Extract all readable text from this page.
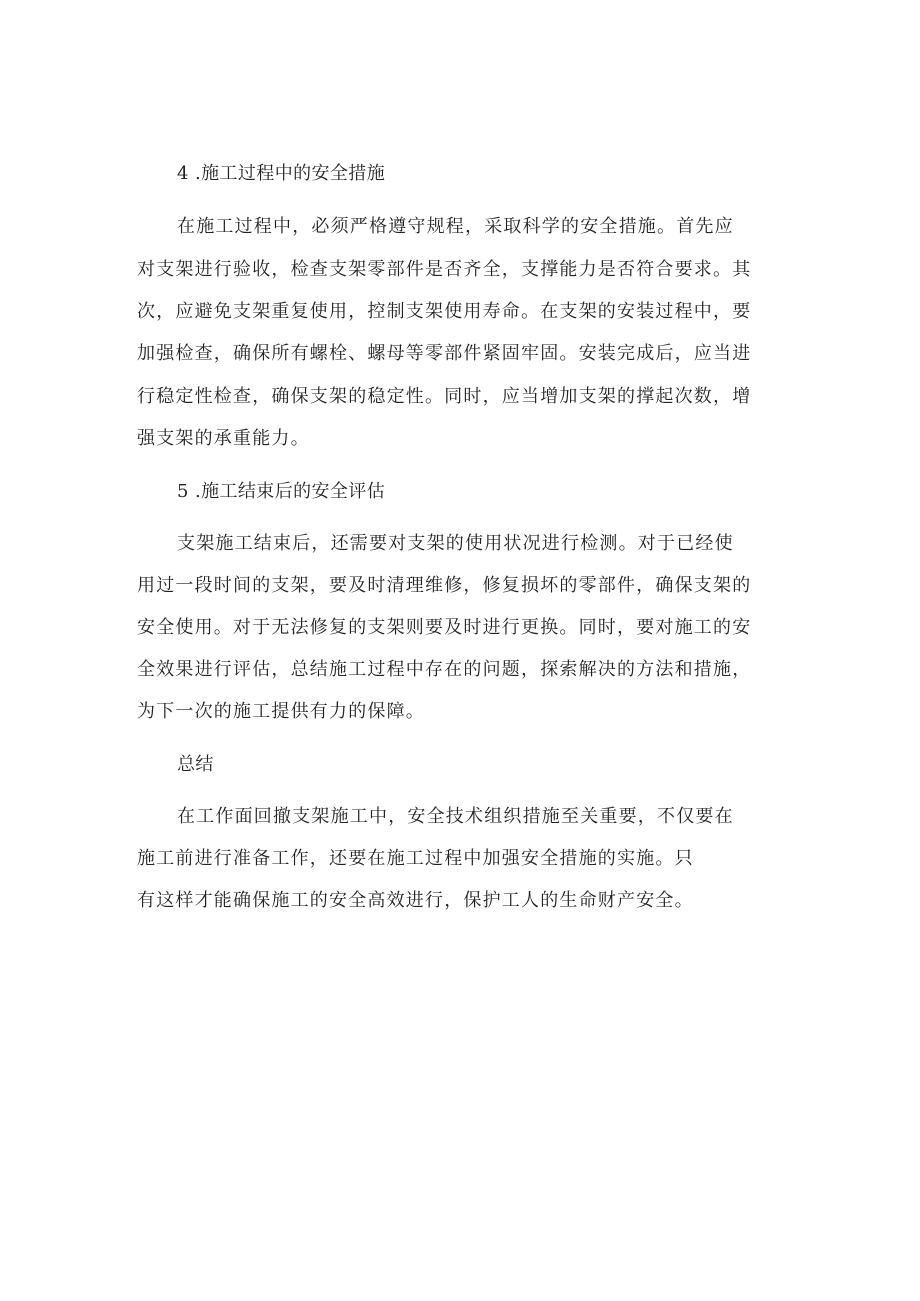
4 .施工过程中的安全措施
在施工过程中，必须严格遵守规程，采取科学的安全措施。首先应
对支架进行验收，检查支架零部件是否齐全，支撑能力是否符合要求。其
次，应避免支架重复使用，控制支架使用寿命。在支架的安装过程中，要
加强检查，确保所有螺栓、螺母等零部件紧固牢固。安装完成后，应当进
行稳定性检查，确保支架的稳定性。同时，应当增加支架的撑起次数，增
强支架的承重能力。
5 .施工结束后的安全评估
支架施工结束后，还需要对支架的使用状况进行检测。对于已经使
用过一段时间的支架，要及时清理维修，修复损坏的零部件，确保支架的
安全使用。对于无法修复的支架则要及时进行更换。同时，要对施工的安
全效果进行评估，总结施工过程中存在的问题，探索解决的方法和措施，
为下一次的施工提供有力的保障。
总结
在工作面回撤支架施工中，安全技术组织措施至关重要，不仅要在
施工前进行准备工作，还要在施工过程中加强安全措施的实施。只
有这样才能确保施工的安全高效进行，保护工人的生命财产安全。
